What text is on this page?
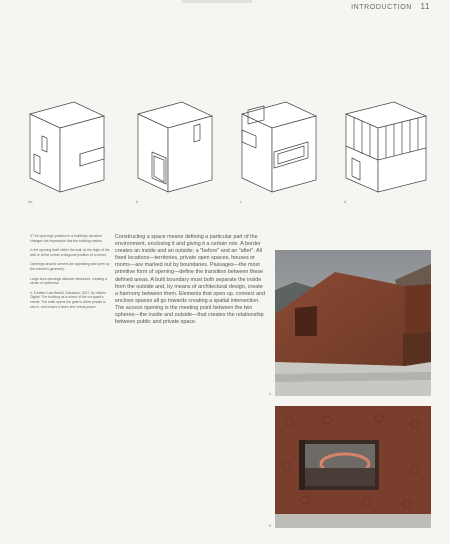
INTRODUCTION 11
3a	b	c	d

3 The opening's position in a building's structure changes the impression that the building makes.

in the opening itself within the wall, at the edge of the wall or at the corner a diagonal position of a corner.

Openings around corners are appealing and open up the volume's geometry.

Large area openings dissolve structures, creating a sense of openness.

4, 5 Atelier Lisa Bardill, Scharans, 2007, by Valerio Olgiati. The building as a mirror of the occupant's needs. The artist opens the gate to allow people to see in, and closes it when she needs peace.

Constructing a space means defining a particular part of the environment, enclosing it and giving it a certain role. A border creates an inside and an outside; a "before" and an "after". All fixed locations—territories, private open spaces, houses or rooms—are marked out by boundaries. Passages—the most primitive form of opening—define the transition between these defined areas. A built boundary must both separate the inside from the outside and, by means of architectural design, create a harmony between them. Elements that open up, connect and enclose spaces all go towards creating a spatial intersection. The access opening is the meeting point between the two spheres—the inside and outside—that creates the relationship between public and private space.
4
5
